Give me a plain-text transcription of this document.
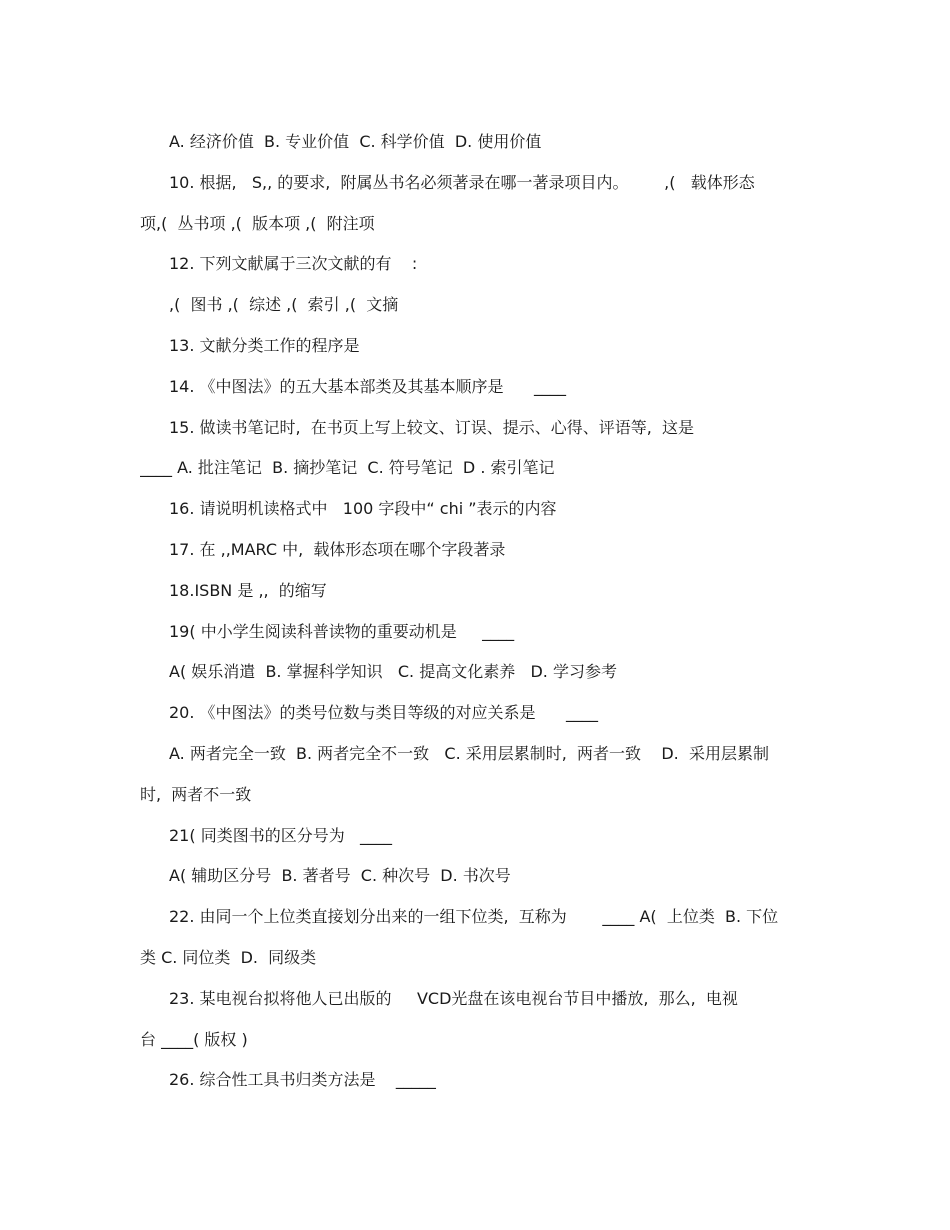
A. 经济价值  B. 专业价值  C. 科学价值  D. 使用价值
10. 根据,   S,, 的要求,  附属丛书名必须著录在哪一著录项目内。       ,(   载体形态
项,(  丛书项 ,(  版本项 ,(  附注项
12. 下列文献属于三次文献的有    :
,(  图书 ,(  综述 ,(  索引 ,(  文摘
13. 文献分类工作的程序是
14. 《中图法》的五大基本部类及其基本顺序是      ____
15. 做读书笔记时,  在书页上写上较文、订误、提示、心得、评语等,  这是
____ A. 批注笔记  B. 摘抄笔记  C. 符号笔记  D . 索引笔记
16. 请说明机读格式中   100 字段中“ chi ”表示的内容
17. 在 ,,MARC 中,  载体形态项在哪个字段著录
18.ISBN 是 ,,  的缩写
19( 中小学生阅读科普读物的重要动机是     ____
A( 娱乐消遣  B. 掌握科学知识   C. 提高文化素养   D. 学习参考
20. 《中图法》的类号位数与类目等级的对应关系是      ____
A. 两者完全一致  B. 两者完全不一致   C. 采用层累制时,  两者一致    D.  采用层累制
时,  两者不一致
21( 同类图书的区分号为   ____
A( 辅助区分号  B. 著者号  C. 种次号  D. 书次号
22. 由同一个上位类直接划分出来的一组下位类,  互称为       ____ A(  上位类  B. 下位
类 C. 同位类  D.  同级类
23. 某电视台拟将他人已出版的     VCD光盘在该电视台节目中播放,  那么,  电视
台 ____( 版权 )
26. 综合性工具书归类方法是    _____
